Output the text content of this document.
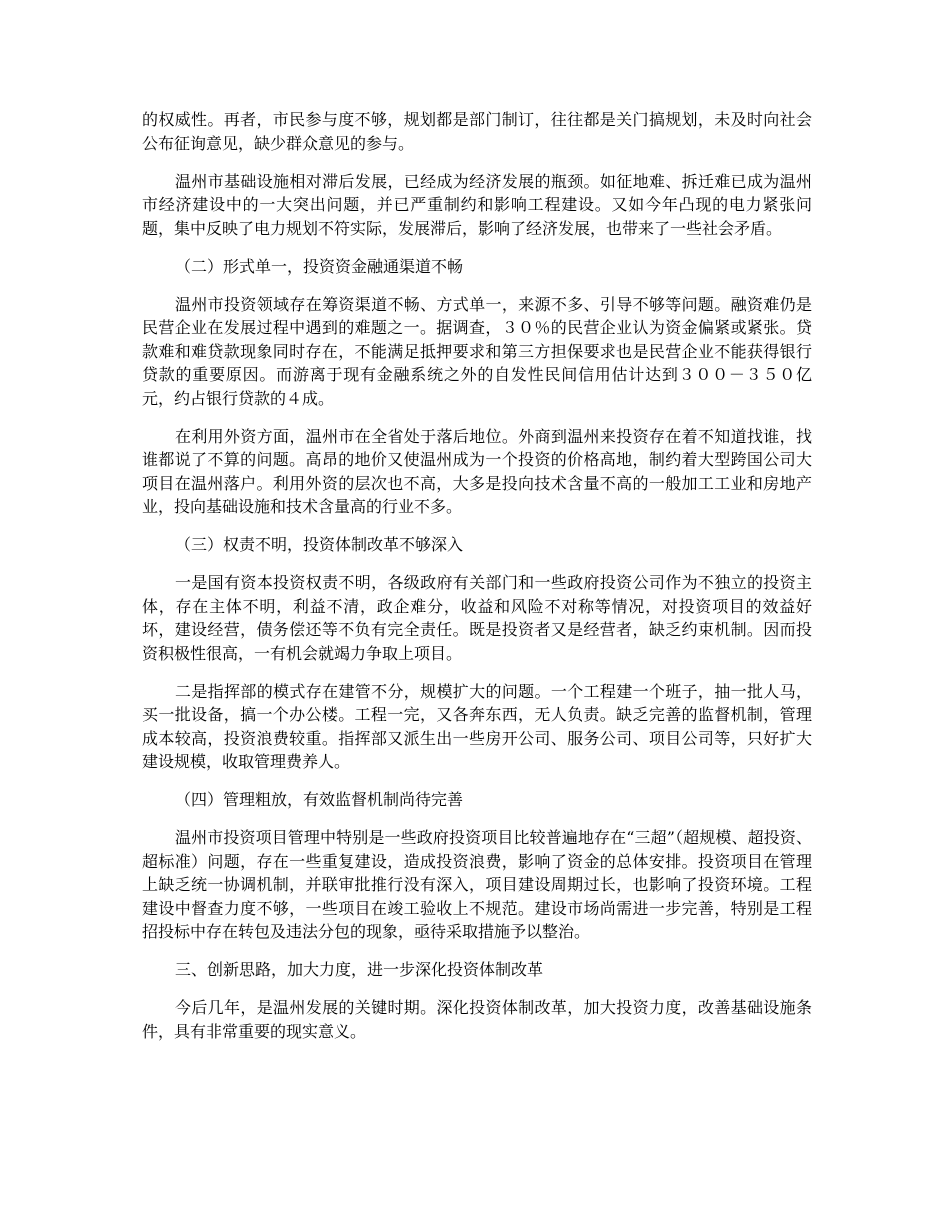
的权威性。再者，市民参与度不够，规划都是部门制订，往往都是关门搞规划，未及时向社会公布征询意见，缺少群众意见的参与。

温州市基础设施相对滞后发展，已经成为经济发展的瓶颈。如征地难、拆迁难已成为温州市经济建设中的一大突出问题，并已严重制约和影响工程建设。又如今年凸现的电力紧张问题，集中反映了电力规划不符实际，发展滞后，影响了经济发展，也带来了一些社会矛盾。

（二）形式单一，投资资金融通渠道不畅

温州市投资领域存在筹资渠道不畅、方式单一，来源不多、引导不够等问题。融资难仍是民营企业在发展过程中遇到的难题之一。据调查，３０％的民营企业认为资金偏紧或紧张。贷款难和难贷款现象同时存在，不能满足抵押要求和第三方担保要求也是民营企业不能获得银行贷款的重要原因。而游离于现有金融系统之外的自发性民间信用估计达到３００－３５０亿元，约占银行贷款的４成。

在利用外资方面，温州市在全省处于落后地位。外商到温州来投资存在着不知道找谁，找谁都说了不算的问题。高昂的地价又使温州成为一个投资的价格高地，制约着大型跨国公司大项目在温州落户。利用外资的层次也不高，大多是投向技术含量不高的一般加工工业和房地产业，投向基础设施和技术含量高的行业不多。

（三）权责不明，投资体制改革不够深入

一是国有资本投资权责不明，各级政府有关部门和一些政府投资公司作为不独立的投资主体，存在主体不明，利益不清，政企难分，收益和风险不对称等情况，对投资项目的效益好坏，建设经营，债务偿还等不负有完全责任。既是投资者又是经营者，缺乏约束机制。因而投资积极性很高，一有机会就竭力争取上项目。

二是指挥部的模式存在建管不分，规模扩大的问题。一个工程建一个班子，抽一批人马，买一批设备，搞一个办公楼。工程一完，又各奔东西，无人负责。缺乏完善的监督机制，管理成本较高，投资浪费较重。指挥部又派生出一些房开公司、服务公司、项目公司等，只好扩大建设规模，收取管理费养人。

（四）管理粗放，有效监督机制尚待完善

温州市投资项目管理中特别是一些政府投资项目比较普遍地存在“三超”（超规模、超投资、超标准）问题，存在一些重复建设，造成投资浪费，影响了资金的总体安排。投资项目在管理上缺乏统一协调机制，并联审批推行没有深入，项目建设周期过长，也影响了投资环境。工程建设中督查力度不够，一些项目在竣工验收上不规范。建设市场尚需进一步完善，特别是工程招投标中存在转包及违法分包的现象，亟待采取措施予以整治。

三、创新思路，加大力度，进一步深化投资体制改革

今后几年，是温州发展的关键时期。深化投资体制改革，加大投资力度，改善基础设施条件，具有非常重要的现实意义。
